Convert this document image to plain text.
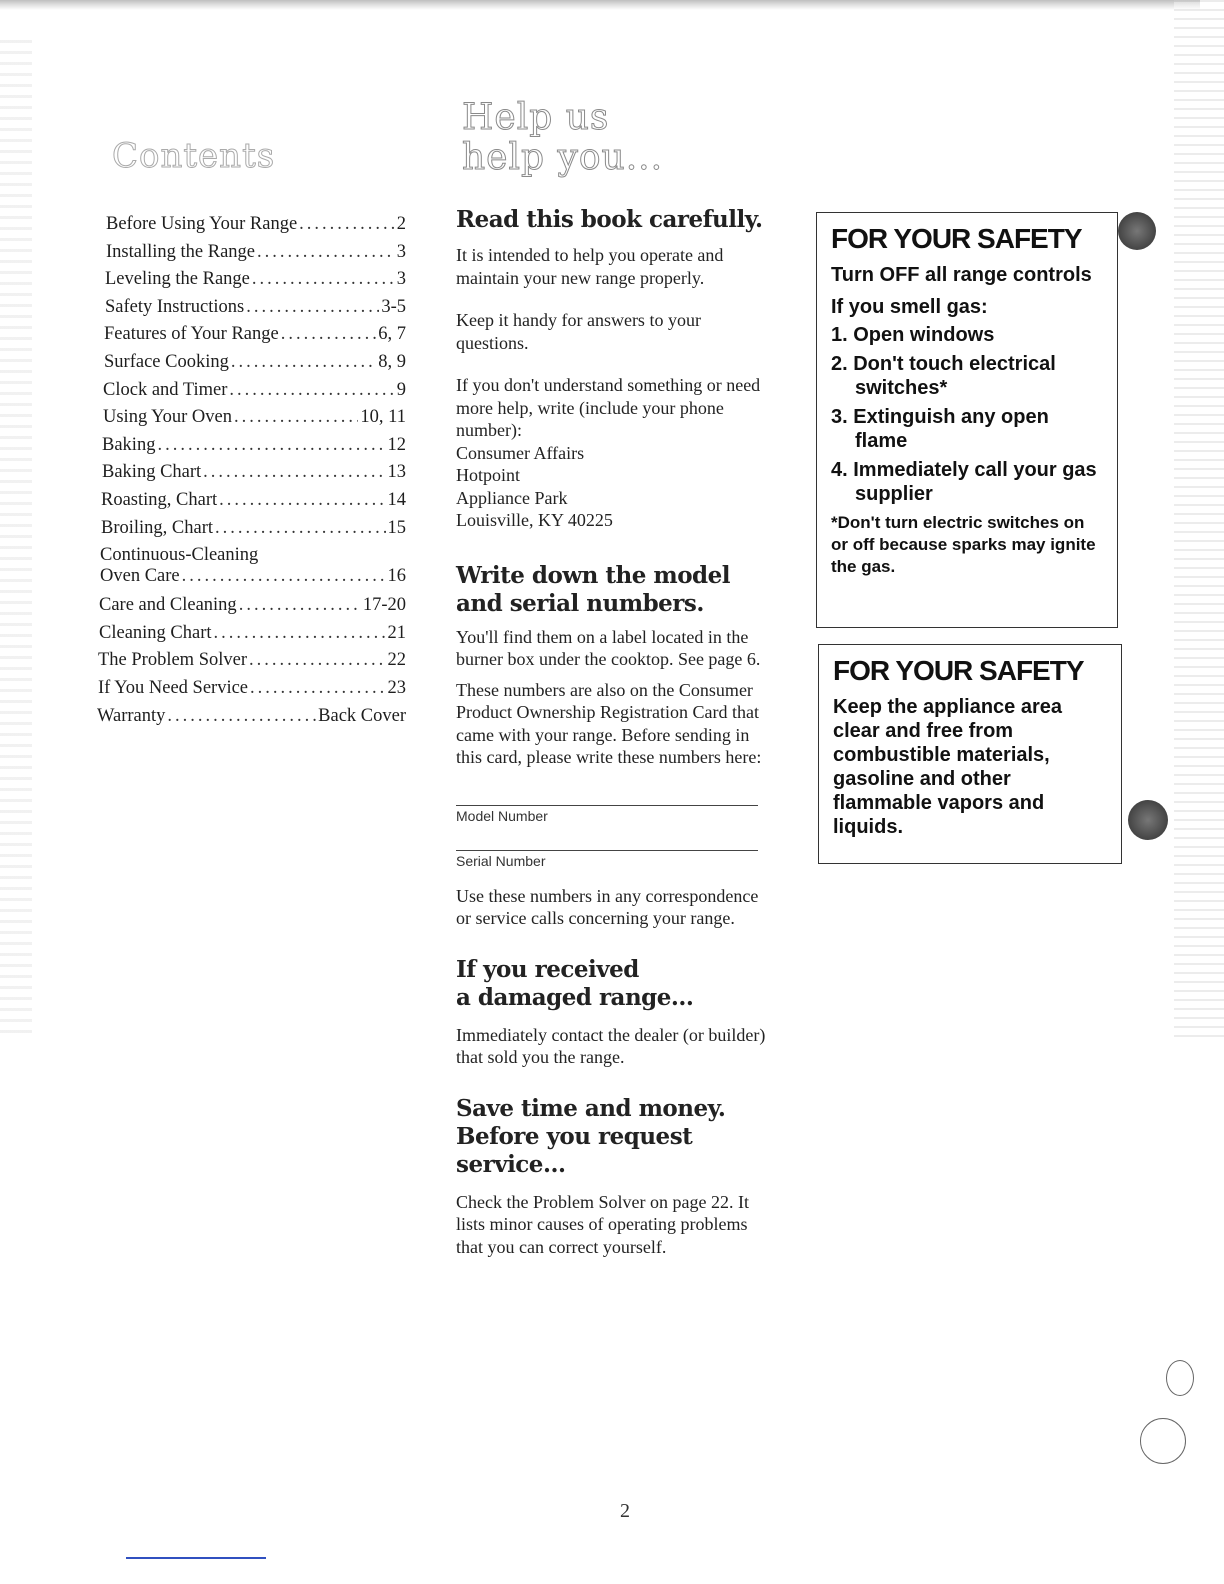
Contents
Before Using Your Range .....	2
Installing the Range .....	3
Leveling the Range .....	3
Safety Instructions .....	3-5
Features of Your Range .....	6, 7
Surface Cooking .....	8, 9
Clock and Timer .....	9
Using Your Oven .....	10, 11
Baking .....	12
Baking Chart .....	13
Roasting, Chart .....	14
Broiling, Chart .....	15
Continuous-Cleaning
Oven Care .....	16
Care and Cleaning .....	17-20
Cleaning Chart .....	21
The Problem Solver .....	22
If You Need Service .....	23
Warranty .....	Back Cover
Help us
help you...
Read this book carefully.

It is intended to help you operate and maintain your new range properly.

Keep it handy for answers to your questions.

If you don't understand something or need more help, write (include your phone number):

Consumer Affairs

Hotpoint

Appliance Park

Louisville, KY 40225

Write down the model
and serial numbers.

You'll find them on a label located in the burner box under the cooktop. See page 6.

These numbers are also on the Consumer Product Ownership Registration Card that came with your range. Before sending in this card, please write these numbers here:

Model Number
Serial Number

Use these numbers in any correspondence or service calls concerning your range.

If you received
a damaged range...

Immediately contact the dealer (or builder) that sold you the range.

Save time and money.
Before you request
service...

Check the Problem Solver on page 22. It lists minor causes of operating problems that you can correct yourself.

FOR YOUR SAFETY

Turn OFF all range controls

If you smell gas:

1. Open windows

2. Don't touch electrical switches*

3. Extinguish any open flame

4. Immediately call your gas supplier

*Don't turn electric switches on or off because sparks may ignite the gas.

FOR YOUR SAFETY

Keep the appliance area clear and free from combustible materials, gasoline and other flammable vapors and liquids.

2
